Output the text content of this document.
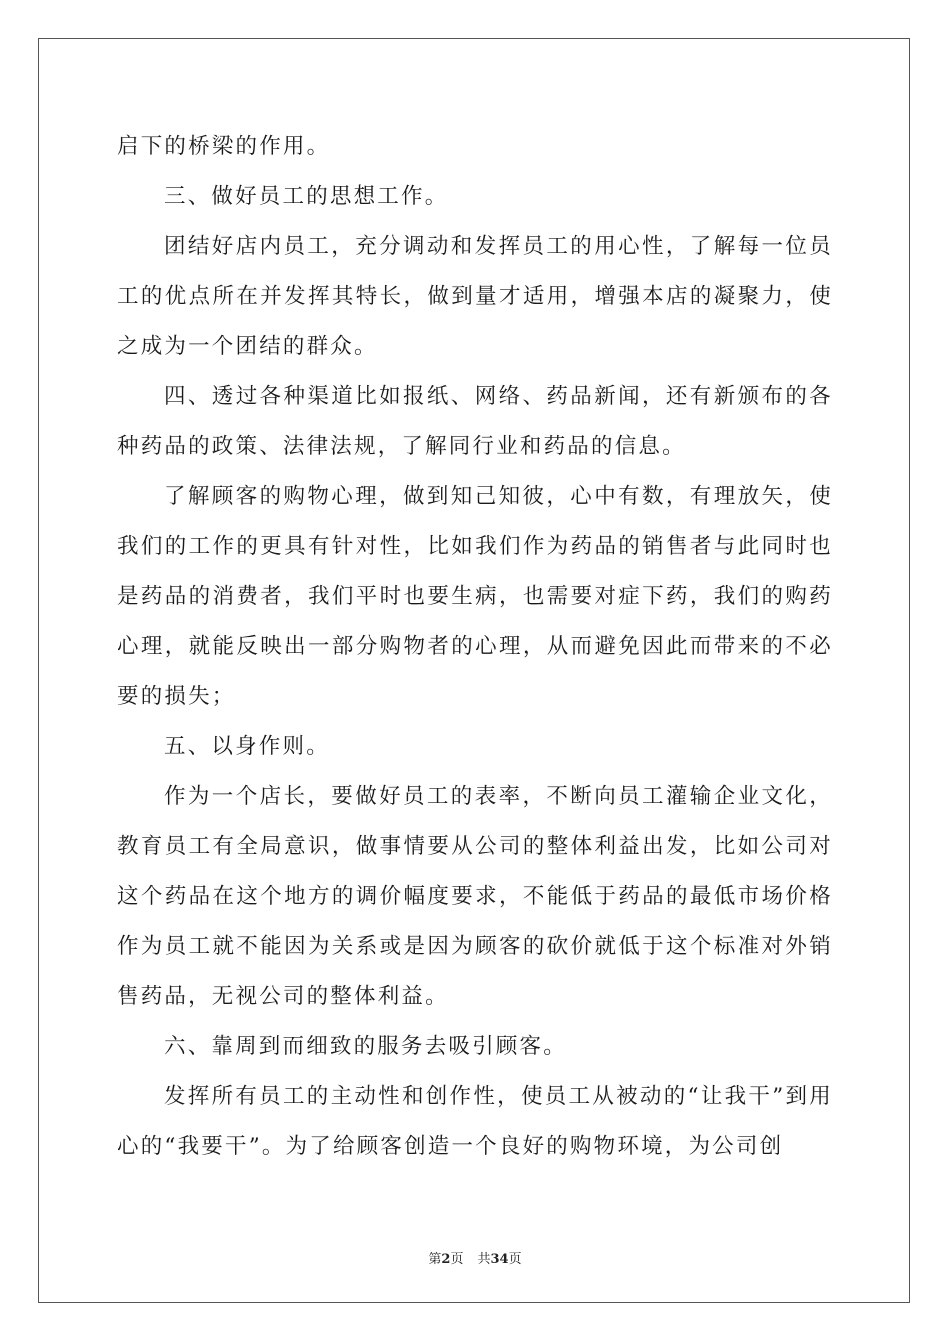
启下的桥梁的作用。

三、做好员工的思想工作。

团结好店内员工，充分调动和发挥员工的用心性，了解每一位员工的优点所在并发挥其特长，做到量才适用，增强本店的凝聚力，使之成为一个团结的群众。

四、透过各种渠道比如报纸、网络、药品新闻，还有新颁布的各种药品的政策、法律法规，了解同行业和药品的信息。

了解顾客的购物心理，做到知己知彼，心中有数，有理放矢，使我们的工作的更具有针对性，比如我们作为药品的销售者与此同时也是药品的消费者，我们平时也要生病，也需要对症下药，我们的购药心理，就能反映出一部分购物者的心理，从而避免因此而带来的不必要的损失；

五、以身作则。

作为一个店长，要做好员工的表率，不断向员工灌输企业文化，教育员工有全局意识，做事情要从公司的整体利益出发，比如公司对这个药品在这个地方的调价幅度要求，不能低于药品的最低市场价格作为员工就不能因为关系或是因为顾客的砍价就低于这个标准对外销售药品，无视公司的整体利益。

六、靠周到而细致的服务去吸引顾客。

发挥所有员工的主动性和创作性，使员工从被动的“让我干”到用心的“我要干”。为了给顾客创造一个良好的购物环境，为公司创

第2页 共34页
